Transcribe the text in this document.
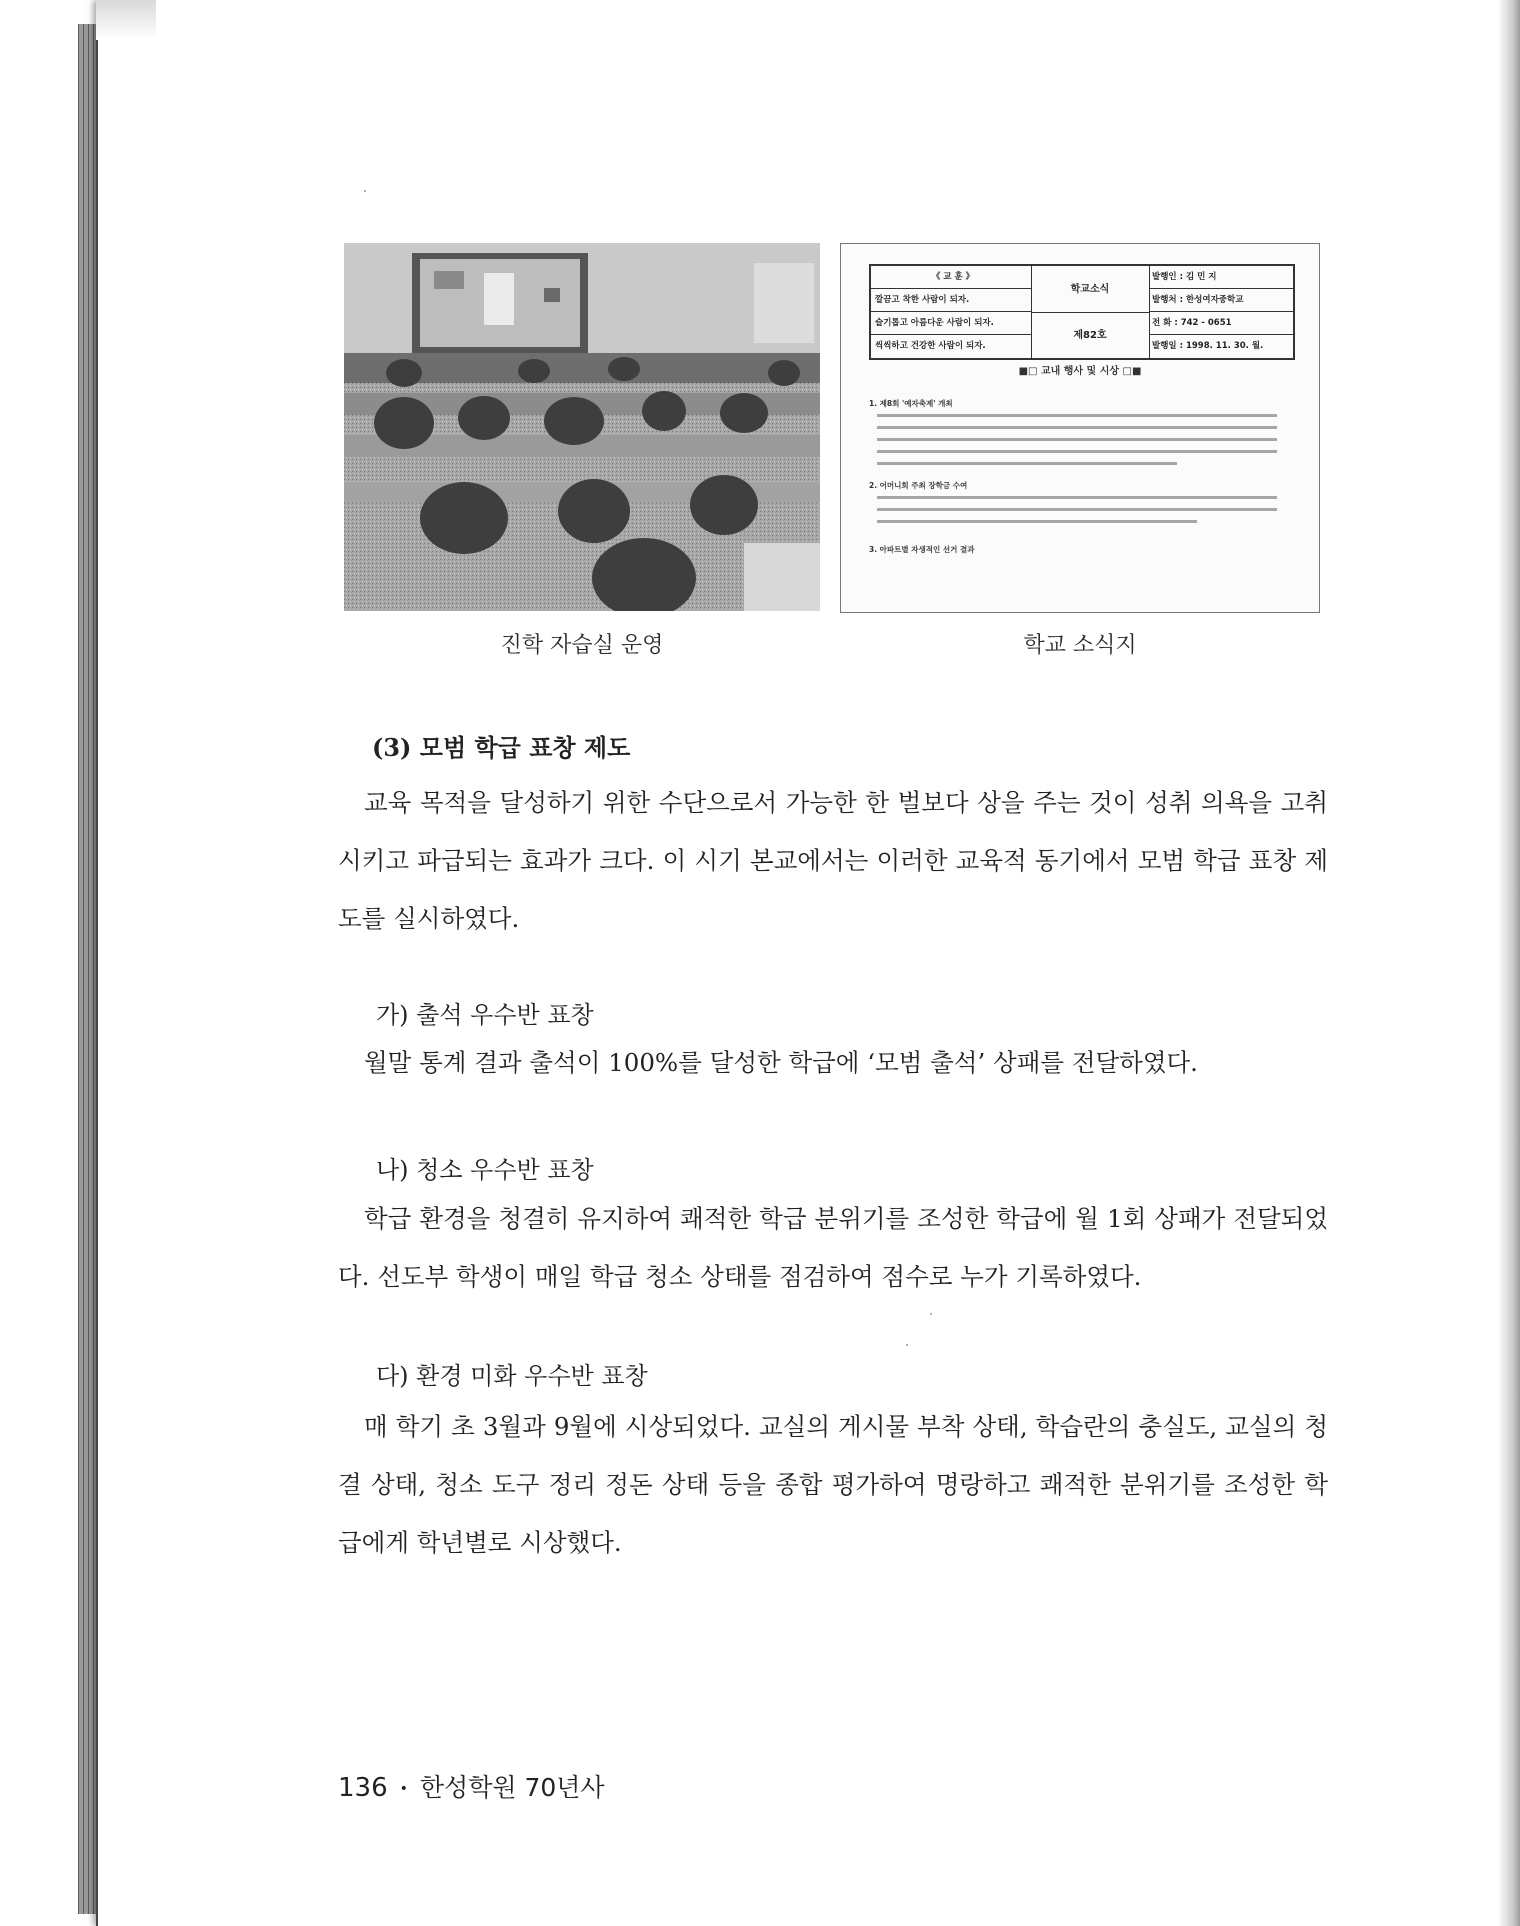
《 교 훈 》
깔끔고 착한 사람이 되자.
슬기롭고 아름다운 사람이 되자.
씩씩하고 건강한 사람이 되자.
학교소식
제82호
발행인 : 김 민 지
발행처 : 한성여자중학교
전 화 : 742 - 0651
발행일 : 1998. 11. 30. 월.
■□ 교내 행사 및 시상 □■
1. 제8회 '예자축제' 개최
2. 어머니회 주최 장학금 수여
3. 아파트별 자생적인 선거 결과
진학 자습실 운영	학교 소식지
(3) 모범 학급 표창 제도

교육 목적을 달성하기 위한 수단으로서 가능한 한 벌보다 상을 주는 것이 성취 의욕을 고취시키고 파급되는 효과가 크다. 이 시기 본교에서는 이러한 교육적 동기에서 모범 학급 표창 제도를 실시하였다.

가) 출석 우수반 표창

월말 통계 결과 출석이 100%를 달성한 학급에 ‘모범 출석’ 상패를 전달하였다.

나) 청소 우수반 표창

학급 환경을 청결히 유지하여 쾌적한 학급 분위기를 조성한 학급에 월 1회 상패가 전달되었다. 선도부 학생이 매일 학급 청소 상태를 점검하여 점수로 누가 기록하였다.

다) 환경 미화 우수반 표창

매 학기 초 3월과 9월에 시상되었다. 교실의 게시물 부착 상태, 학습란의 충실도, 교실의 청결 상태, 청소 도구 정리 정돈 상태 등을 종합 평가하여 명랑하고 쾌적한 분위기를 조성한 학급에게 학년별로 시상했다.

136 • 한성학원 70년사
